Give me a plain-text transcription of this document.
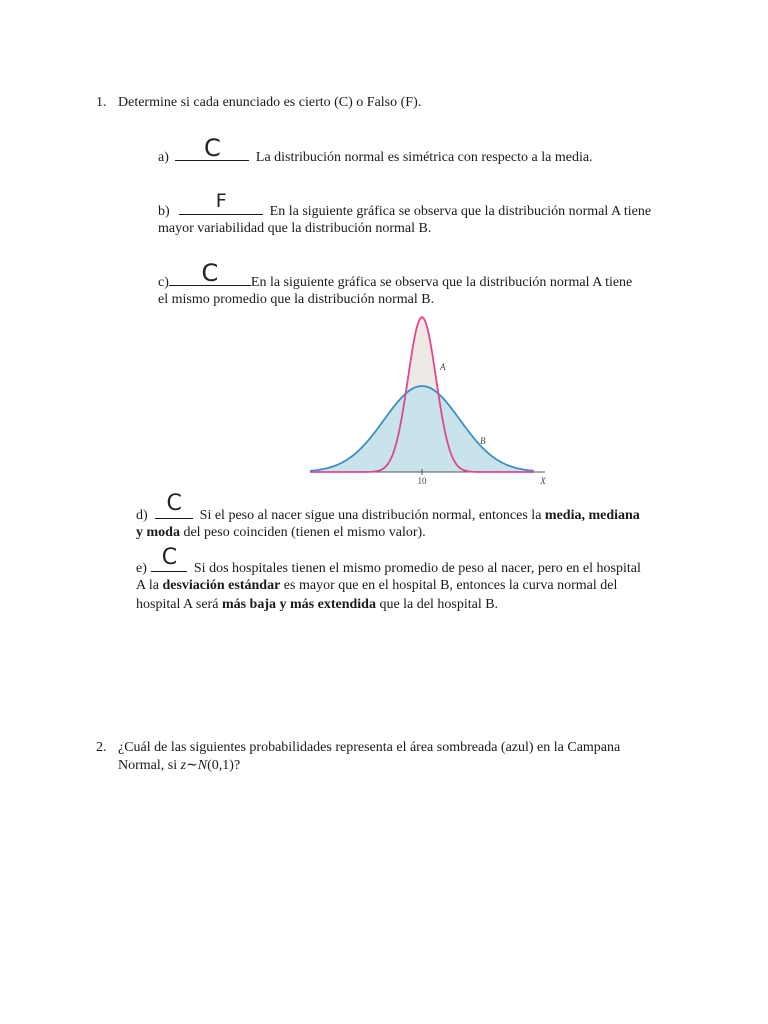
1. Determine si cada enunciado es cierto (C) o Falso (F).
a) C	La distribución normal es simétrica con respecto a la media.
b) F	En la siguiente gráfica se observa que la distribución normal A tiene
mayor variabilidad que la distribución normal B.
c) C En la siguiente gráfica se observa que la distribución normal A tiene
el mismo promedio que la distribución normal B.
A
B
10	X
d) C Si el peso al nacer sigue una distribución normal, entonces la media, mediana
y moda del peso coinciden (tienen el mismo valor).
e) C Si dos hospitales tienen el mismo promedio de peso al nacer, pero en el hospital
A la desviación estándar es mayor que en el hospital B, entonces la curva normal del
hospital A será más baja y más extendida que la del hospital B.
2. ¿Cuál de las siguientes probabilidades representa el área sombreada (azul) en la Campana
Normal, si z∼N(0,1)?
